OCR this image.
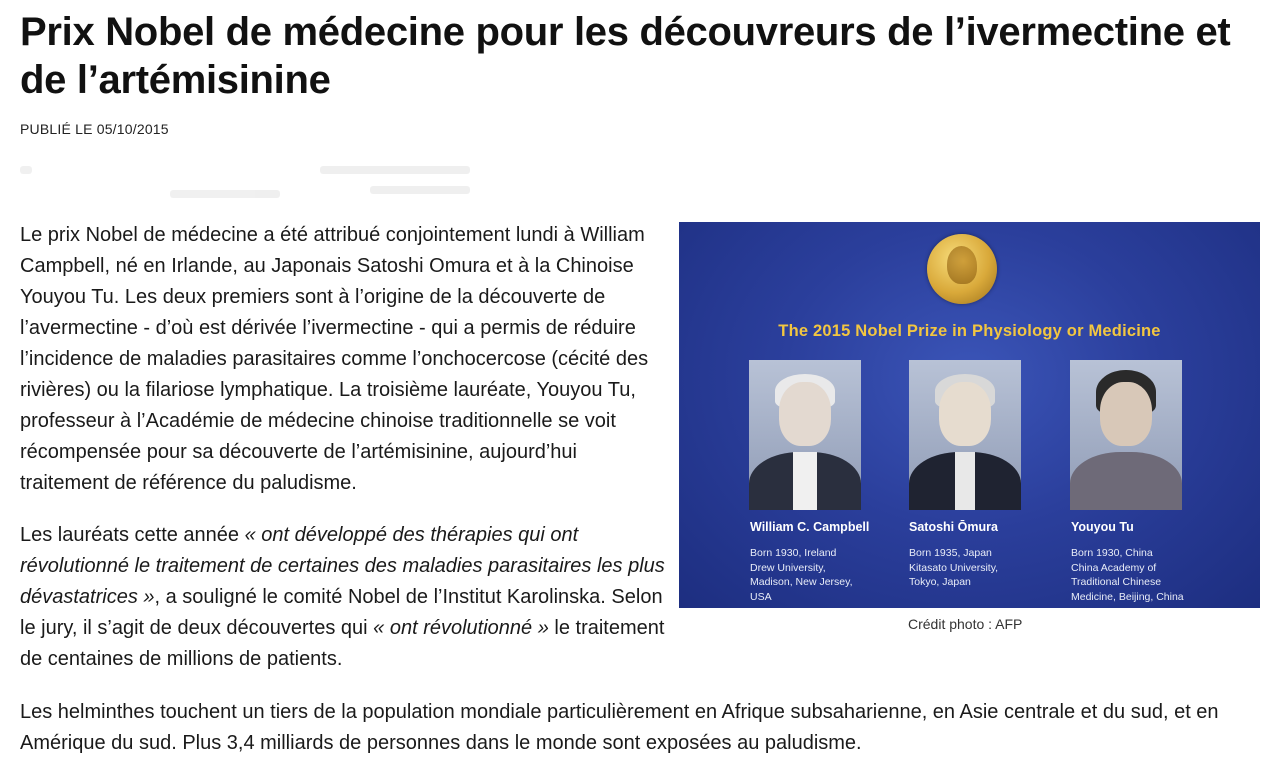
Prix Nobel de médecine pour les découvreurs de l’ivermectine et de l’artémisinine
PUBLIÉ LE 05/10/2015

Le prix Nobel de médecine a été attribué conjointement lundi à William Campbell, né en Irlande, au Japonais Satoshi Omura et à la Chinoise Youyou Tu. Les deux premiers sont à l’origine de la découverte de l’avermectine - d’où est dérivée l’ivermectine - qui a permis de réduire l’incidence de maladies parasitaires comme l’onchocercose (cécité des rivières) ou la filariose lymphatique. La troisième lauréate, Youyou Tu, professeur à l’Académie de médecine chinoise traditionnelle se voit récompensée pour sa découverte de l’artémisinine, aujourd’hui traitement de référence du paludisme.

Les lauréats cette année « ont développé des thérapies qui ont révolutionné le traitement de certaines des maladies parasitaires les plus dévastatrices », a souligné le comité Nobel de l’Institut Karolinska. Selon le jury, il s’agit de deux découvertes qui « ont révolutionné » le traitement de centaines de millions de patients.

Les helminthes touchent un tiers de la population mondiale particulièrement en Afrique subsaharienne, en Asie centrale et du sud, et en Amérique du sud. Plus 3,4 milliards de personnes dans le monde sont exposées au paludisme.

The 2015 Nobel Prize in Physiology or Medicine
William C. Campbell
Born 1930, Ireland
Drew University,
Madison, New Jersey,
USA
Satoshi Ōmura
Born 1935, Japan
Kitasato University,
Tokyo, Japan
Youyou Tu
Born 1930, China
China Academy of
Traditional Chinese
Medicine, Beijing, China
Crédit photo : AFP
